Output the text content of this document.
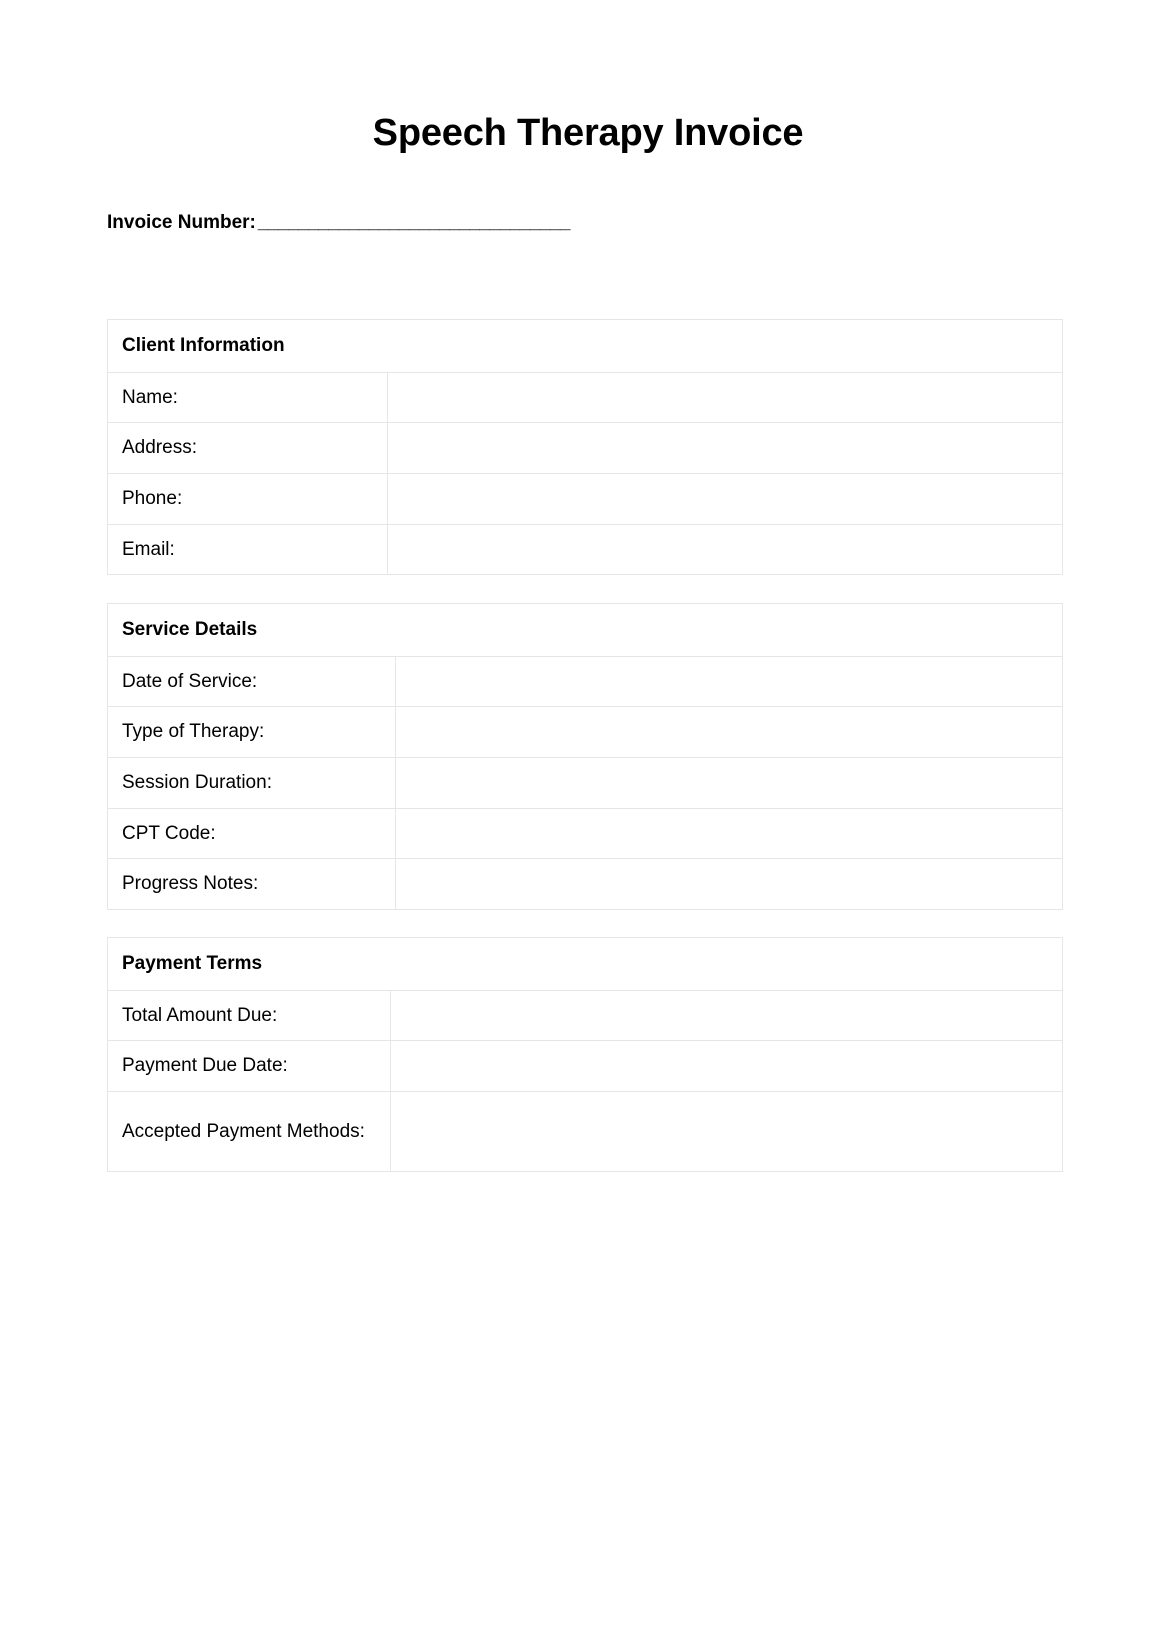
Speech Therapy Invoice
Invoice Number: _______________________________
Client Information	
Name:	
Address:	
Phone:	
Email:	
Service Details	
Date of Service:	
Type of Therapy:	
Session Duration:	
CPT Code:	
Progress Notes:	
Payment Terms	
Total Amount Due:	
Payment Due Date:	
Accepted Payment Methods:	
